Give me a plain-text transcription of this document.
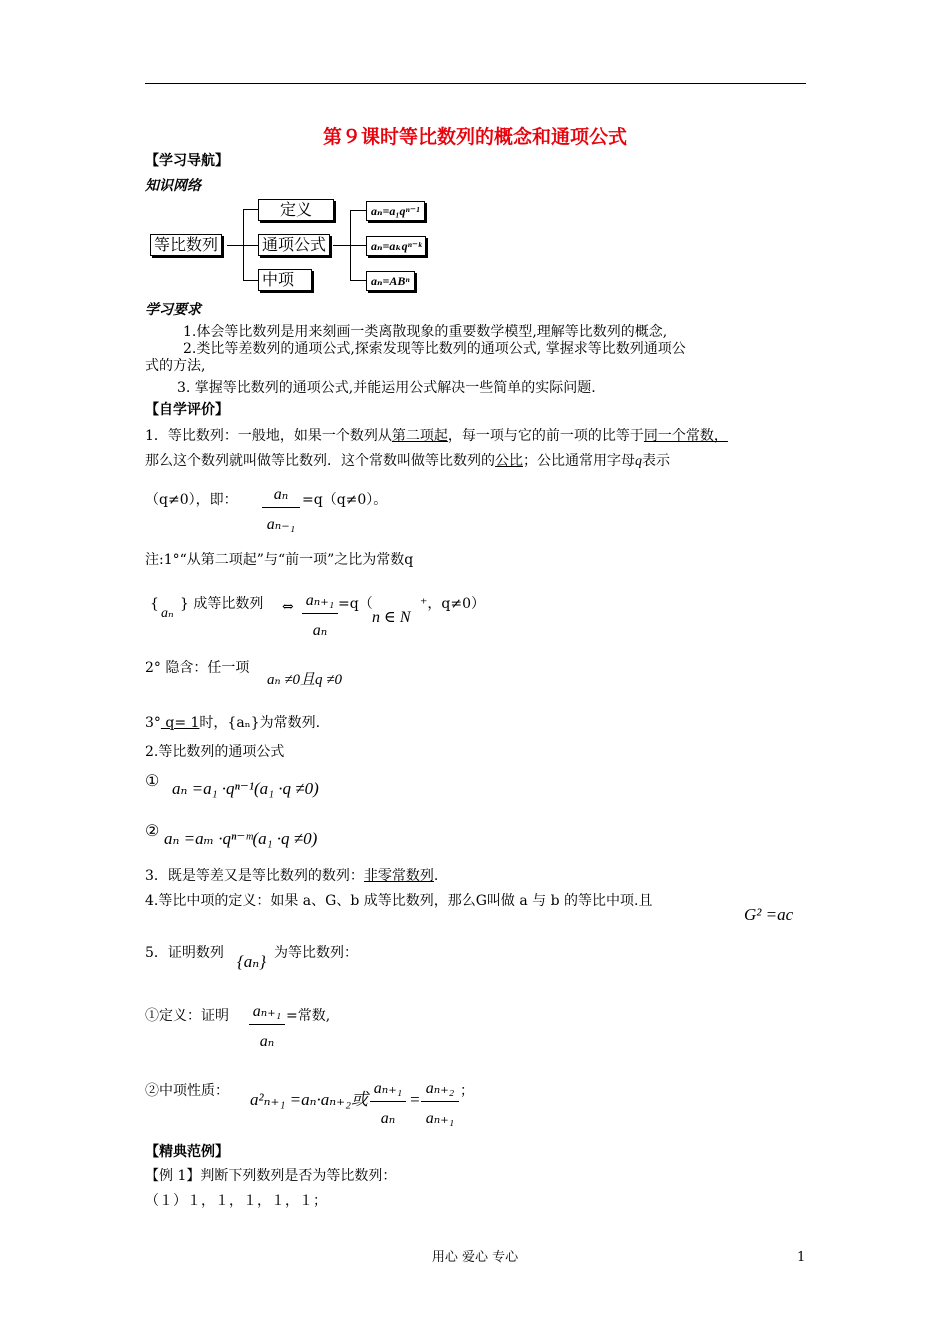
第９课时等比数列的概念和通项公式
【学习导航】
知识网络
等比数列
定义
通项公式
中项
aₙ=a₁qⁿ⁻¹
aₙ=aₖqⁿ⁻ᵏ
aₙ=ABⁿ
学习要求
1.体会等比数列是用来刻画一类离散现象的重要数学模型,理解等比数列的概念,
2.类比等差数列的通项公式,探索发现等比数列的通项公式, 掌握求等比数列通项公
式的方法,
3. 掌握等比数列的通项公式,并能运用公式解决一些简单的实际问题.
【自学评价】
1．等比数列：一般地，如果一个数列从第二项起，每一项与它的前一项的比等于同一个常数，
那么这个数列就叫做等比数列．这个常数叫做等比数列的公比；公比通常用字母q表示
（q≠0），即： $\frac{\text{aₙ}}{\text{aₙ₋₁}} =q(q\ne 0)$。
注:1°“从第二项起”与“前一项”之比为常数q
{
aₙ
} 成等比数列 ⇔ $\frac{\text{aₙ₊₁}}{\text{aₙ}} =q$（
n ∈ N
⁺，q≠0）
2° 隐含：任一项
aₙ ≠0且q ≠0
3° q= 1时，{aₙ}为常数列.
2.等比数列的通项公式
① aₙ =a₁ ·qⁿ⁻¹(a₁ ·q ≠0)
② aₙ =aₘ ·qⁿ⁻ᵐ(a₁ ·q ≠0)
3．既是等差又是等比数列的数列：非零常数列.
4.等比中项的定义：如果 a、G、b 成等比数列，那么G叫做 a 与 b 的等比中项.且
G² =ac
5．证明数列 {aₙ} 为等比数列：
①定义：证明 $\frac{\text{aₙ₊₁}}{\text{aₙ}}$ =常数,
②中项性质： a²ₙ₊₁ =aₙ·aₙ₊₂或 $\frac{\text{aₙ₊₁}}{\text{aₙ}} = \frac{\text{aₙ₊₂}}{\text{aₙ₊₁}}$ ；
【精典范例】
【例 1】判断下列数列是否为等比数列：
（１）１，１，１，１，１；
用心 爱心 专心	1
